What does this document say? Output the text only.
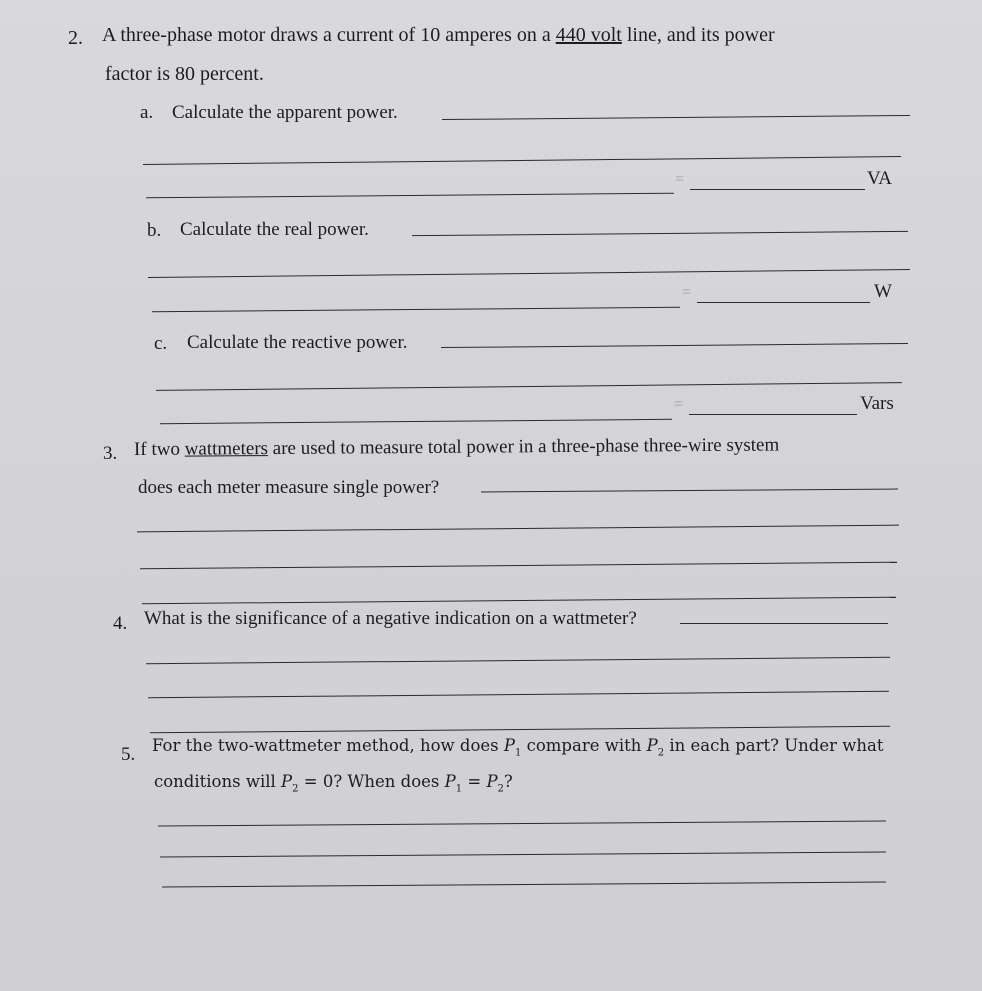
2. A three-phase motor draws a current of 10 amperes on a 440 volt line, and its power
factor is 80 percent.
a. Calculate the apparent power.
=	VA
b. Calculate the real power.
=	W
c. Calculate the reactive power.
=	Vars
3. If two wattmeters are used to measure total power in a three-phase three-wire system
does each meter measure single power?
4. What is the significance of a negative indication on a wattmeter?
5. For the two-wattmeter method, how does $P_1$ compare with $P_2$ in each part? Under what
conditions will $P_2 = 0$? When does $P_1 = P_2$?
